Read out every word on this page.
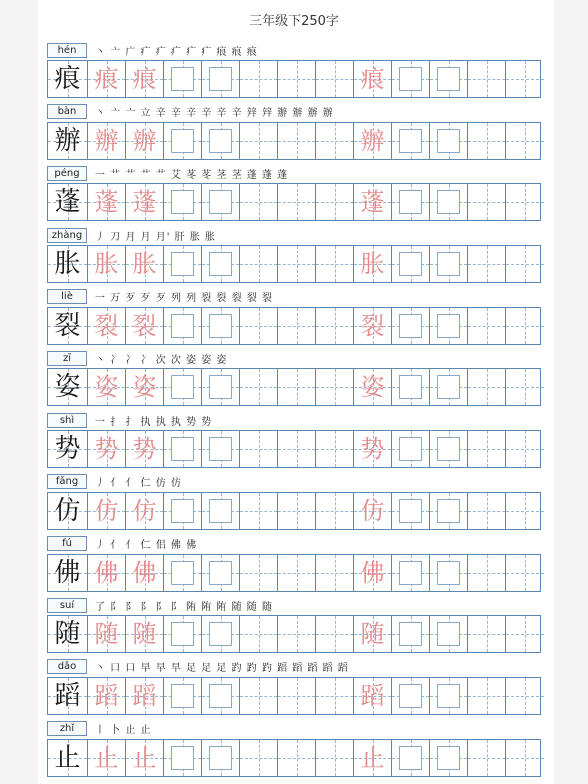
三年级下250字
hén	丶 亠 广 疒 疒 疒 疒 疒 痕 痕 痕
痕 痕 痕	痕
bàn	丶 亠 亠 立 辛 辛 辛 辛 辛 辛 辡 辡 辦 辦 辦 辦
辦 辦 辦	辦
péng	一 艹 艹 艹 艹 艾 苳 苳 茎 茎 蓬 蓬 蓬
蓬 蓬 蓬	蓬
zhàng	丿 刀 月 月 月' 肝 胀 胀
胀 胀 胀	胀
liè	一 万 歹 歹 歹 列 列 裂 裂 裂 裂 裂
裂 裂 裂	裂
zī	丶 冫 冫 冫 次 次 姿 姿 姿
姿 姿 姿	姿
shì	一 扌 扌 执 执 执 势 势
势 势 势	势
fǎng	丿 亻 亻 仁 仿 仿
仿 仿 仿	仿
fú	丿 亻 亻 仁 佀 佛 佛
佛 佛 佛	佛
suí	了 阝 阝 阝 阝 阝 陏 陏 陏 随 随 随
随 随 随	随
dǎo	丶 口 口 早 早 早 足 足 足 趵 趵 趵 蹈 蹈 蹈 蹈 蹈
蹈 蹈 蹈	蹈
zhǐ	丨 卜 止 止
止 止 止	止
